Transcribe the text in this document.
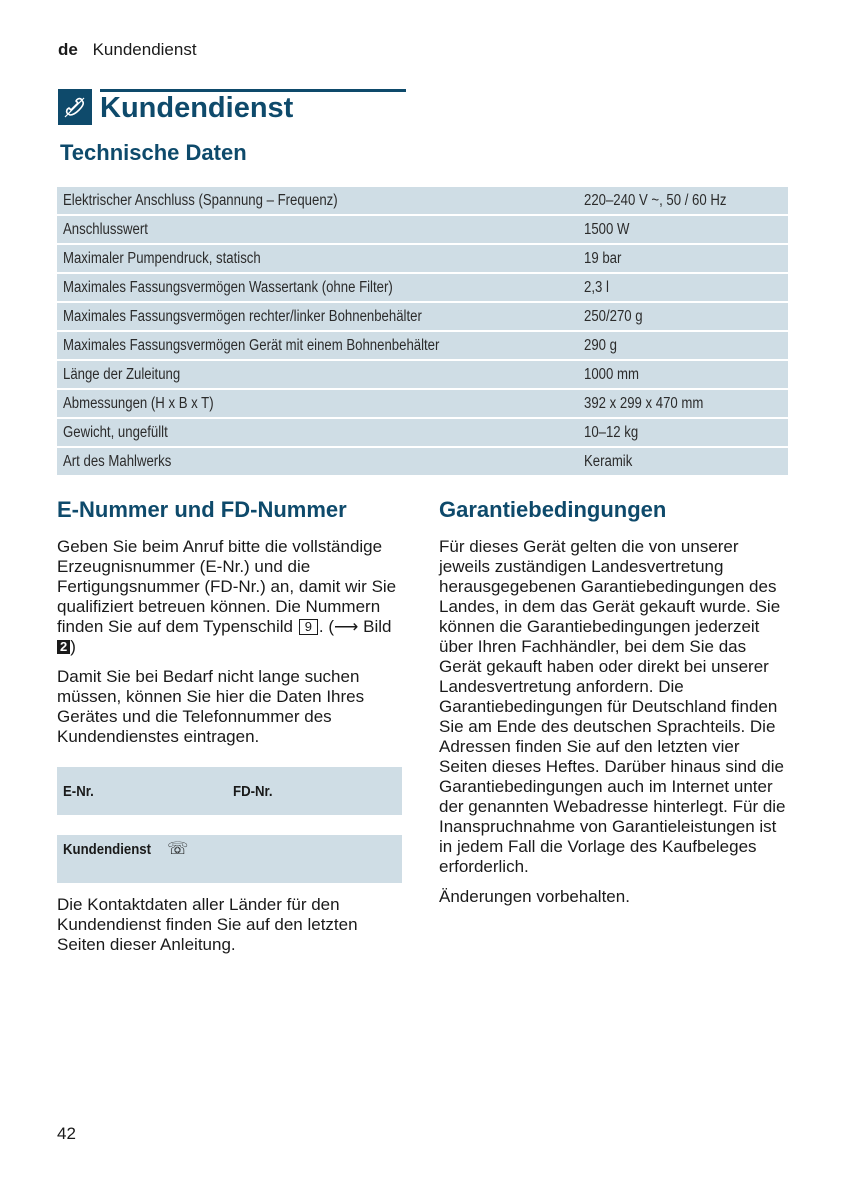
de Kundendienst
Kundendienst
Technische Daten
Elektrischer Anschluss (Spannung – Frequenz)	220–240 V ~, 50 / 60 Hz
Anschlusswert	1500 W
Maximaler Pumpendruck, statisch	19 bar
Maximales Fassungsvermögen Wassertank (ohne Filter)	2,3 l
Maximales Fassungsvermögen rechter/linker Bohnenbehälter	250/270 g
Maximales Fassungsvermögen Gerät mit einem Bohnenbehälter	290 g
Länge der Zuleitung	1000 mm
Abmessungen (H x B x T)	392 x 299 x 470 mm
Gewicht, ungefüllt	10–12 kg
Art des Mahlwerks	Keramik
E-Nummer und FD-Nummer

Geben Sie beim Anruf bitte die vollständige Erzeugnisnummer (E-Nr.) und die Fertigungsnummer (FD-Nr.) an, damit wir Sie qualifiziert betreuen können. Die Nummern finden Sie auf dem Typenschild 9 . (⟶ Bild 2 )

Damit Sie bei Bedarf nicht lange suchen müssen, können Sie hier die Daten Ihres Gerätes und die Telefonnummer des Kundendienstes eintragen.

E-Nr.	FD-Nr.
Kundendienst ☏

Die Kontaktdaten aller Länder für den Kundendienst finden Sie auf den letzten Seiten dieser Anleitung.

Garantiebedingungen

Für dieses Gerät gelten die von unserer jeweils zuständigen Landesvertretung herausgegebenen Garantiebedingungen des Landes, in dem das Gerät gekauft wurde. Sie können die Garantiebedingungen jederzeit über Ihren Fachhändler, bei dem Sie das Gerät gekauft haben oder direkt bei unserer Landesvertretung anfordern. Die Garantiebedingungen für Deutschland finden Sie am Ende des deutschen Sprachteils. Die Adressen finden Sie auf den letzten vier Seiten dieses Heftes. Darüber hinaus sind die Garantiebedingungen auch im Internet unter der genannten Webadresse hinterlegt. Für die Inanspruchnahme von Garantieleistungen ist in jedem Fall die Vorlage des Kaufbeleges erforderlich.

Änderungen vorbehalten.

42
